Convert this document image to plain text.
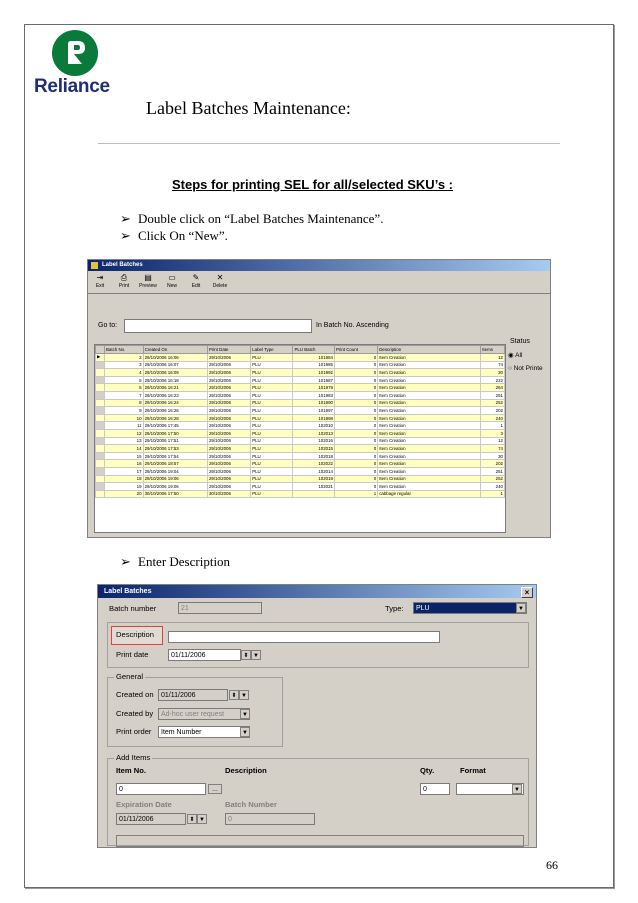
Reliance
Label Batches Maintenance:
Steps for printing SEL for all/selected SKU’s :
➢ Double click on “Label Batches Maintenance”.
➢ Click On “New”.
Label Batches
⇥
Exit
⎙
Print
▤
Preview
▭
New
✎
Edit
✕
Delete
Go to:	In Batch No. Ascending
	Batch No.	Created On	Print Date	Label Type	PLU Batch	Print Count	Description	Items
▶	2	29/10/2006 16:06	29/10/2006	PLU	101984	0	Item Creation	12
	3	29/10/2006 16:07	29/10/2006	PLU	101985	0	Item Creation	74
	4	29/10/2006 16:09	29/10/2006	PLU	101992	0	Item Creation	30
	5	29/10/2006 16:18	29/10/2006	PLU	101987	0	Item Creation	222
	6	29/10/2006 16:21	29/10/2006	PLU	101979	0	Item Creation	264
	7	29/10/2006 16:23	29/10/2006	PLU	101983	0	Item Creation	251
	8	29/10/2006 16:24	29/10/2006	PLU	101990	0	Item Creation	252
	9	29/10/2006 16:26	29/10/2006	PLU	101997	0	Item Creation	202
	10	29/10/2006 16:28	29/10/2006	PLU	101998	0	Item Creation	240
	11	29/10/2006 17:45	29/10/2006	PLU	102010	0	Item Creation	1
	12	29/10/2006 17:50	29/10/2006	PLU	102013	0	Item Creation	3
	13	29/10/2006 17:51	29/10/2006	PLU	102016	0	Item Creation	12
	14	29/10/2006 17:53	29/10/2006	PLU	102015	0	Item Creation	74
	15	29/10/2006 17:54	29/10/2006	PLU	102018	0	Item Creation	30
	16	29/10/2006 18:57	29/10/2006	PLU	102022	0	Item Creation	202
	17	29/10/2006 19:04	29/10/2006	PLU	102014	0	Item Creation	251
	18	29/10/2006 19:06	29/10/2006	PLU	102019	0	Item Creation	252
	19	29/10/2006 19:06	29/10/2006	PLU	102021	0	Item Creation	240
	20	30/10/2006 17:50	30/10/2006	PLU		1	cabbage regular	1

Status
◉ All
○ Not Printe
➢ Enter Description
Label Batches	×
Batch number	21	Type:	PLU	▼
Description
Print date	01/11/2006	⬍ ▼
General
Created on	01/11/2006	⬍ ▼
Created by	Ad-hoc user request	▼
Print order	Item Number	▼
Add Items
Item No.	Description	Qty.	Format
0	…	0	▼
Expiration Date	Batch Number
01/11/2006	⬍ ▼	0
66
